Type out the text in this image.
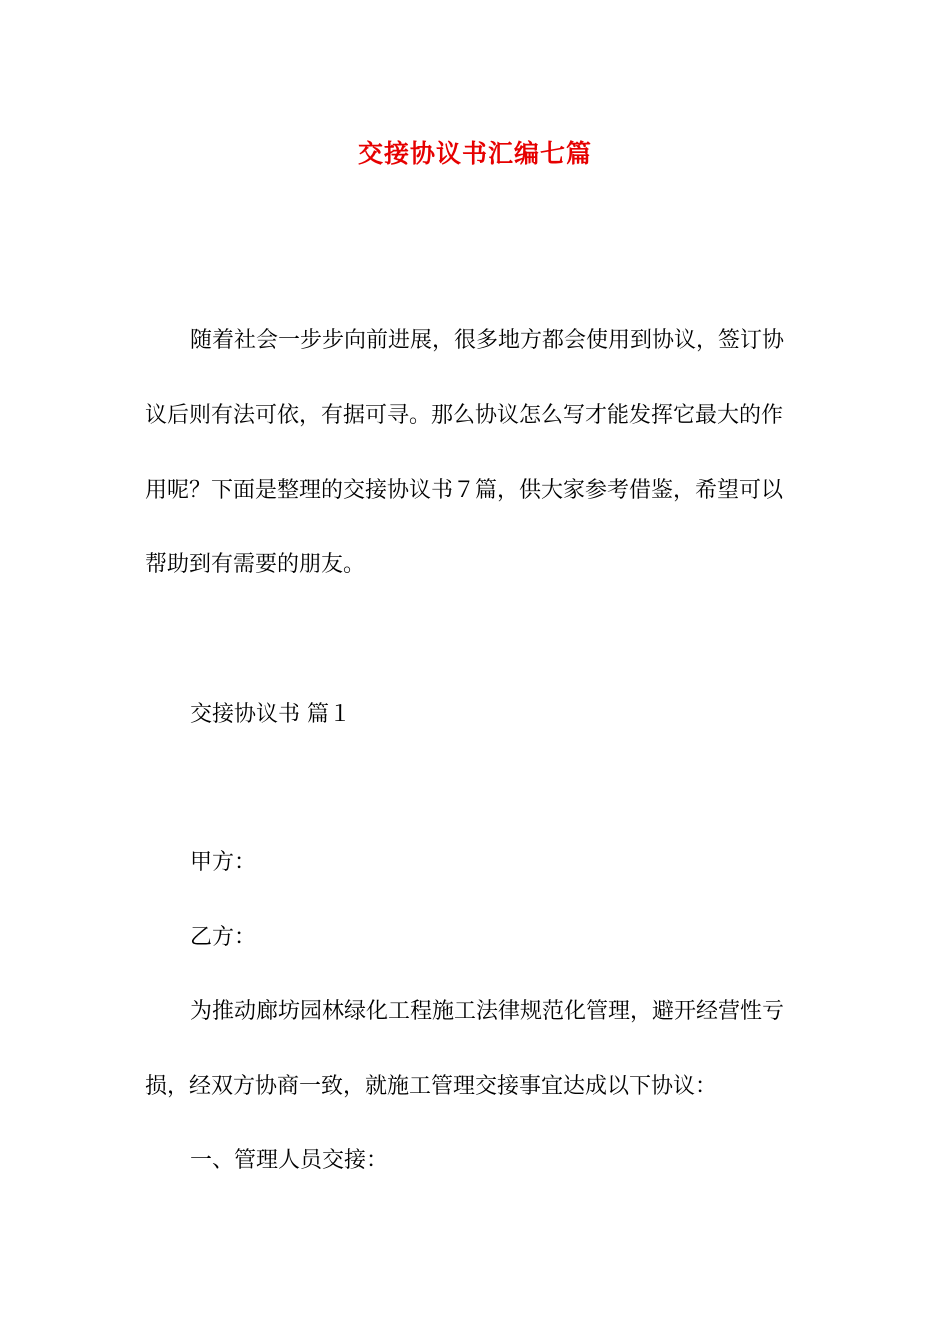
交接协议书汇编七篇
随着社会一步步向前进展，很多地方都会使用到协议，签订协
议后则有法可依，有据可寻。那么协议怎么写才能发挥它最大的作
用呢？下面是整理的交接协议书７篇，供大家参考借鉴，希望可以
帮助到有需要的朋友。
交接协议书 篇１
甲方：
乙方：
为推动廊坊园林绿化工程施工法律规范化管理，避开经营性亏
损，经双方协商一致，就施工管理交接事宜达成以下协议：
一、管理人员交接：
